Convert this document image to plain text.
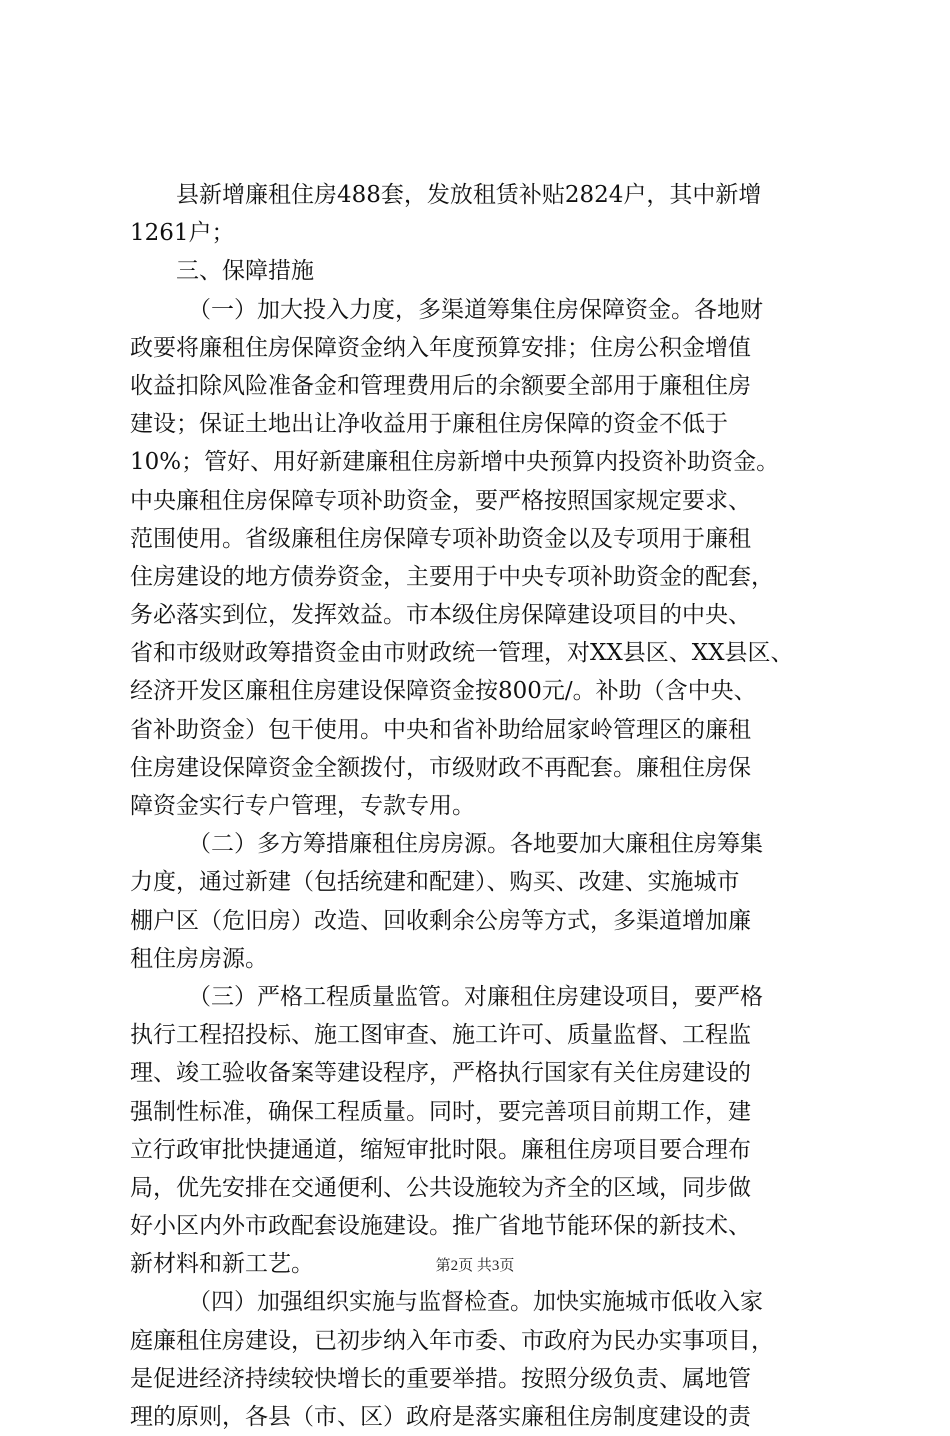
县新增廉租住房488套，发放租赁补贴2824户，其中新增
1261户；
三、保障措施
（一）加大投入力度，多渠道筹集住房保障资金。各地财
政要将廉租住房保障资金纳入年度预算安排；住房公积金增值
收益扣除风险准备金和管理费用后的余额要全部用于廉租住房
建设；保证土地出让净收益用于廉租住房保障的资金不低于
10%；管好、用好新建廉租住房新增中央预算内投资补助资金。
中央廉租住房保障专项补助资金，要严格按照国家规定要求、
范围使用。省级廉租住房保障专项补助资金以及专项用于廉租
住房建设的地方债券资金，主要用于中央专项补助资金的配套，
务必落实到位，发挥效益。市本级住房保障建设项目的中央、
省和市级财政筹措资金由市财政统一管理，对XX县区、XX县区、
经济开发区廉租住房建设保障资金按800元/。补助（含中央、
省补助资金）包干使用。中央和省补助给屈家岭管理区的廉租
住房建设保障资金全额拨付，市级财政不再配套。廉租住房保
障资金实行专户管理，专款专用。
（二）多方筹措廉租住房房源。各地要加大廉租住房筹集
力度，通过新建（包括统建和配建）、购买、改建、实施城市
棚户区（危旧房）改造、回收剩余公房等方式，多渠道增加廉
租住房房源。
（三）严格工程质量监管。对廉租住房建设项目，要严格
执行工程招投标、施工图审查、施工许可、质量监督、工程监
理、竣工验收备案等建设程序，严格执行国家有关住房建设的
强制性标准，确保工程质量。同时，要完善项目前期工作，建
立行政审批快捷通道，缩短审批时限。廉租住房项目要合理布
局，优先安排在交通便利、公共设施较为齐全的区域，同步做
好小区内外市政配套设施建设。推广省地节能环保的新技术、
新材料和新工艺。
（四）加强组织实施与监督检查。加快实施城市低收入家
庭廉租住房建设，已初步纳入年市委、市政府为民办实事项目，
是促进经济持续较快增长的重要举措。按照分级负责、属地管
理的原则，各县（市、区）政府是落实廉租住房制度建设的责
第2页 共3页
